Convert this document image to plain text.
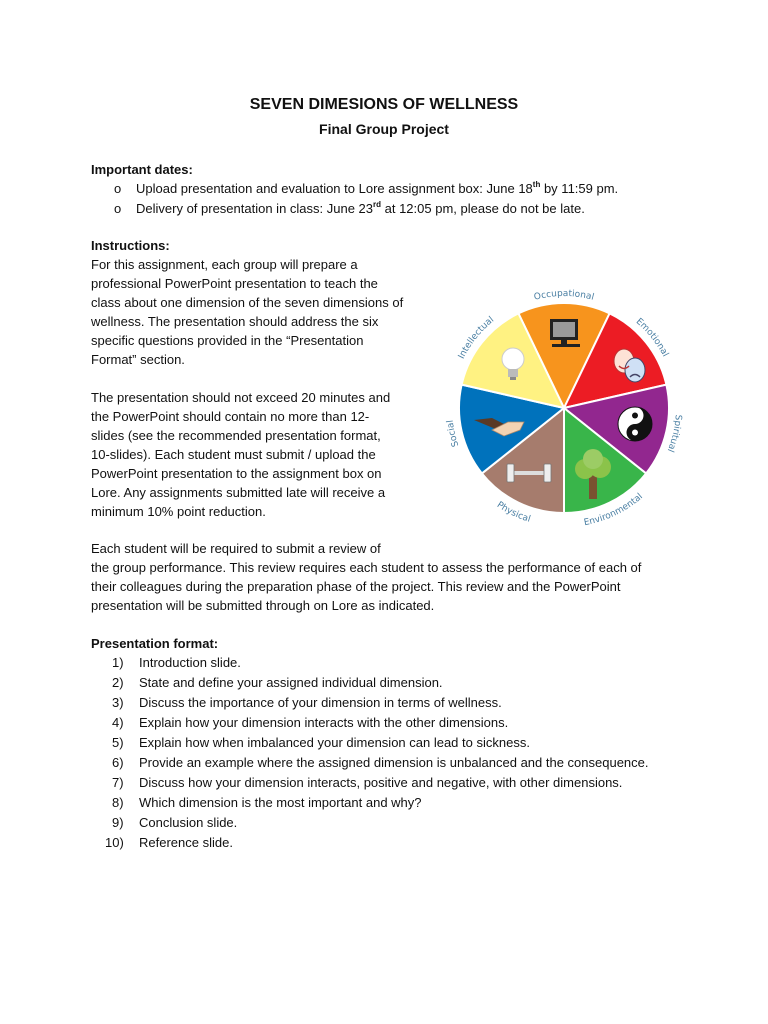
SEVEN DIMESIONS OF WELLNESS
Final Group Project
Important dates:
o Upload presentation and evaluation to Lore assignment box: June 18th by 11:59 pm.
o Delivery of presentation in class: June 23rd at 12:05 pm, please do not be late.
Instructions:
For this assignment, each group will prepare a
professional PowerPoint presentation to teach the
class about one dimension of the seven dimensions of
wellness. The presentation should address the six
specific questions provided in the “Presentation
Format” section.
The presentation should not exceed 20 minutes and
the PowerPoint should contain no more than 12-
slides (see the recommended presentation format,
10-slides). Each student must submit / upload the
PowerPoint presentation to the assignment box on
Lore. Any assignments submitted late will receive a
minimum 10% point reduction.
Each student will be required to submit a review of
the group performance. This review requires each student to assess the performance of each of
their colleagues during the preparation phase of the project. This review and the PowerPoint
presentation will be submitted through on Lore as indicated.
Presentation format:
1) Introduction slide.
2) State and define your assigned individual dimension.
3) Discuss the importance of your dimension in terms of wellness.
4) Explain how your dimension interacts with the other dimensions.
5) Explain how when imbalanced your dimension can lead to sickness.
6) Provide an example where the assigned dimension is unbalanced and the consequence.
7) Discuss how your dimension interacts, positive and negative, with other dimensions.
8) Which dimension is the most important and why?
9) Conclusion slide.
10) Reference slide.
Occupational
Emotional
Spiritual
Environmental
Physical
Social
Intellectual
